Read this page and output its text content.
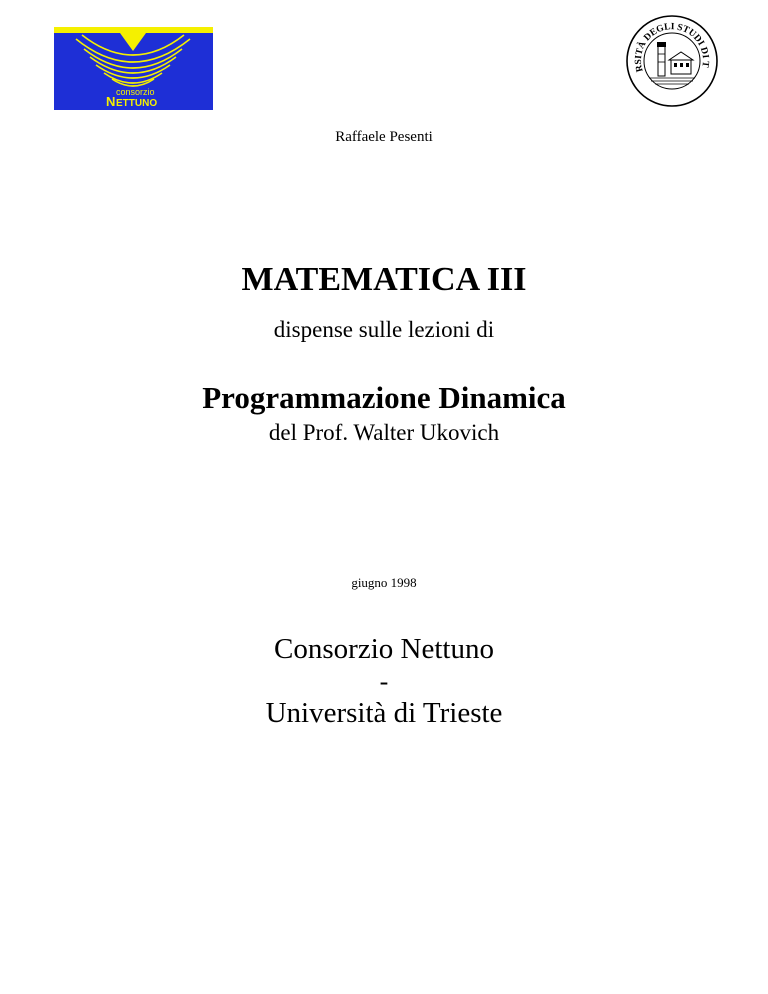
consorzio
N ETTUNO
RSITÀ DEGLI STUDI DI T
Raffaele Pesenti
MATEMATICA III
dispense sulle lezioni di
Programmazione Dinamica
del Prof. Walter Ukovich
giugno 1998
Consorzio Nettuno
-
Università di Trieste
